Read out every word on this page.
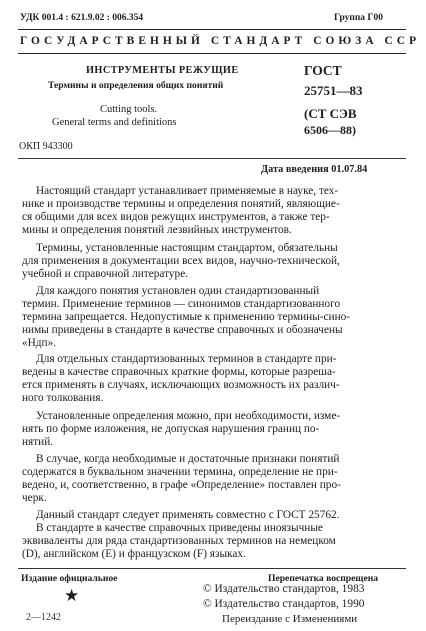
УДК 001.4 : 621.9.02 : 006.354	Группа Г00
ГОСУДАРСТВЕННЫЙ СТАНДАРТ СОЮЗА ССР
ИНСТРУМЕНТЫ РЕЖУЩИЕ
Термины и определения общих понятий
Cutting tools.
General terms and definitions
ГОСТ
25751—83
(СТ СЭВ
6506—88)
ОКП 943300
Дата введения 01.07.84
Настоящий стандарт устанавливает применяемые в науке, тех-
нике и производстве термины и определения понятий, являющие-
ся общими для всех видов режущих инструментов, а также тер-
мины и определения понятий лезвийных инструментов.
Термины, установленные настоящим стандартом, обязательны
для применения в документации всех видов, научно-технической,
учебной и справочной литературе.
Для каждого понятия установлен один стандартизованный
термин. Применение терминов — синонимов стандартизованного
термина запрещается. Недопустимые к применению термины-сино-
нимы приведены в стандарте в качестве справочных и обозначены
«Ндп».
Для отдельных стандартизованных терминов в стандарте при-
ведены в качестве справочных краткие формы, которые разреша-
ется применять в случаях, исключающих возможность их различ-
ного толкования.
Установленные определения можно, при необходимости, изме-
нять по форме изложения, не допуская нарушения границ по-
нятий.
В случае, когда необходимые и достаточные признаки понятий
содержатся в буквальном значении термина, определение не при-
ведено, и, соответственно, в графе «Определение» поставлен про-
черк.
Данный стандарт следует применять совместно с ГОСТ 25762.
В стандарте в качестве справочных приведены иноязычные
эквиваленты для ряда стандартизованных терминов на немецком
(D), английском (E) и французском (F) языках.
Издание официальное	Перепечатка воспрещена
★	© Издательство стандартов, 1983
© Издательство стандартов, 1990
Переиздание с Изменениями
2—1242
